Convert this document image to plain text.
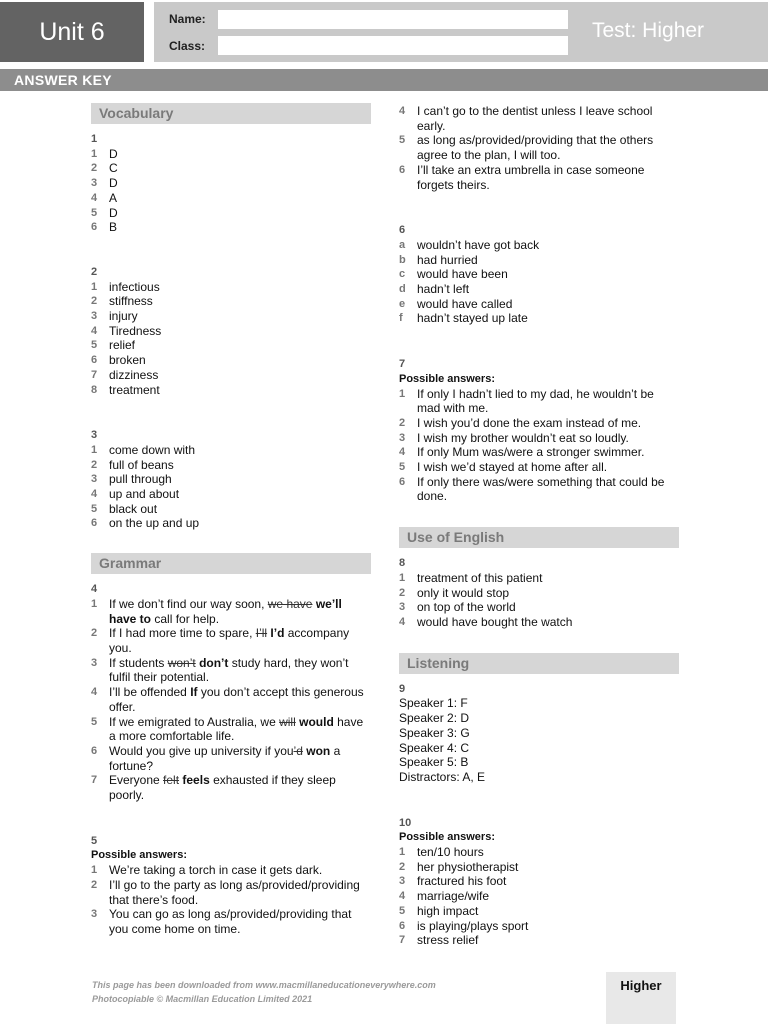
Unit 6	Name:
Class:
Test: Higher
ANSWER KEY
Vocabulary
1
1 D
2 C
3 D
4 A
5 D
6 B
2
1 infectious
2 stiffness
3 injury
4 Tiredness
5 relief
6 broken
7 dizziness
8 treatment
3
1 come down with
2 full of beans
3 pull through
4 up and about
5 black out
6 on the up and up
Grammar
4
1 If we don’t find our way soon, we have we’ll have to call for help.
2 If I had more time to spare, I’ll I’d accompany you.
3 If students won’t don’t study hard, they won’t fulfil their potential.
4 I’ll be offended If you don’t accept this generous offer.
5 If we emigrated to Australia, we will would have a more comfortable life.
6 Would you give up university if you’d won a fortune?
7 Everyone felt feels exhausted if they sleep poorly.
5
Possible answers:
1 We’re taking a torch in case it gets dark.
2 I’ll go to the party as long as/provided/providing that there’s food.
3 You can go as long as/provided/providing that you come home on time.
4 I can’t go to the dentist unless I leave school early.
5 as long as/provided/providing that the others agree to the plan, I will too.
6 I’ll take an extra umbrella in case someone forgets theirs.
6
a wouldn’t have got back
b had hurried
c would have been
d hadn’t left
e would have called
f	hadn’t stayed up late
7
Possible answers:
1 If only I hadn’t lied to my dad, he wouldn’t be mad with me.
2 I wish you’d done the exam instead of me.
3 I wish my brother wouldn’t eat so loudly.
4 If only Mum was/were a stronger swimmer.
5 I wish we’d stayed at home after all.
6 If only there was/were something that could be done.
Use of English
8
1 treatment of this patient
2 only it would stop
3 on top of the world
4 would have bought the watch
Listening
9
Speaker 1: F
Speaker 2: D
Speaker 3: G
Speaker 4: C
Speaker 5: B
Distractors: A, E
10
Possible answers:
1 ten/10 hours
2 her physiotherapist
3 fractured his foot
4 marriage/wife
5 high impact
6 is playing/plays sport
7 stress relief
This page has been downloaded from www.macmillaneducationeverywhere.com
Photocopiable © Macmillan Education Limited 2021
Higher
